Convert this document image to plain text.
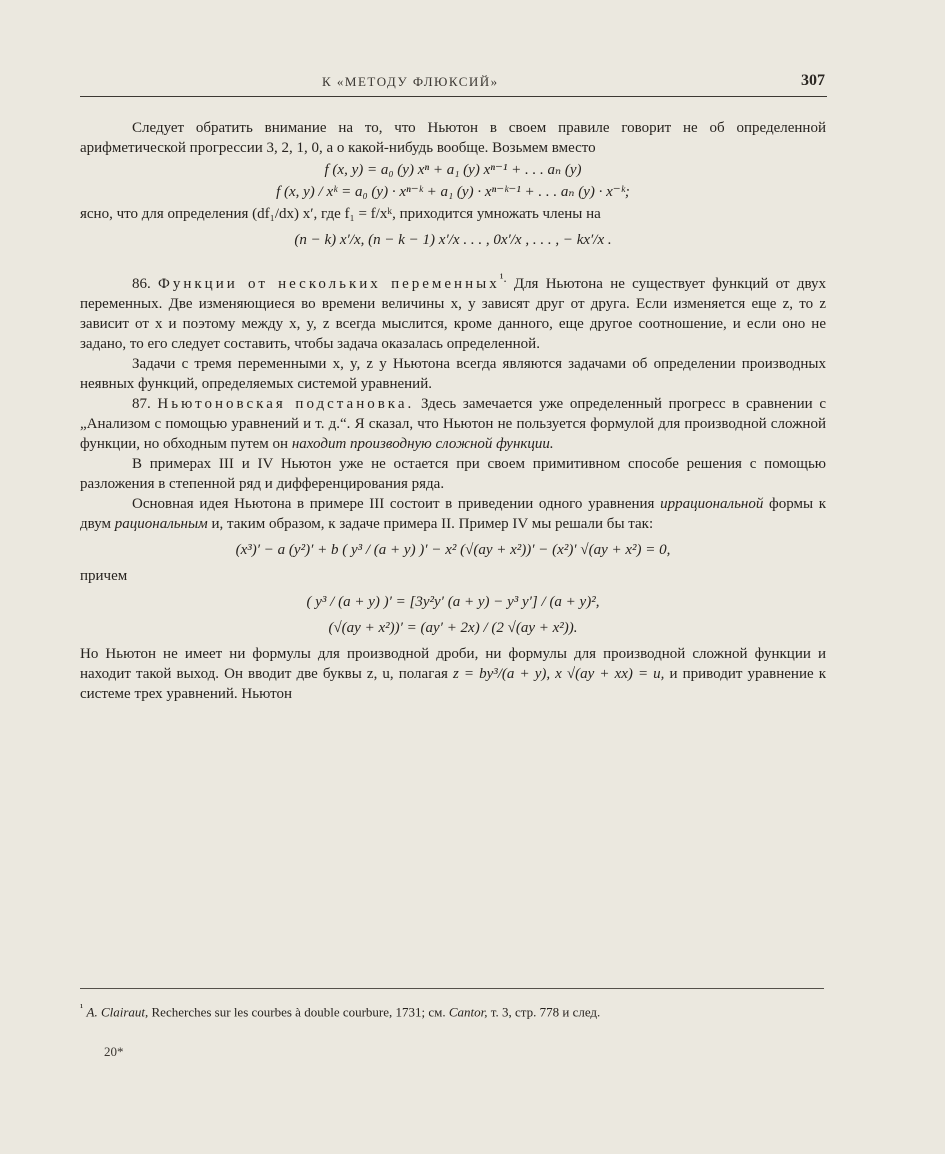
К «МЕТОДУ ФЛЮКСИЙ»	307

Следует обратить внимание на то, что Ньютон в своем правиле говорит не об определенной арифметической прогрессии 3, 2, 1, 0, а о какой-нибудь вообще. Возьмем вместо

f (x, y) = a₀ (y) xⁿ + a₁ (y) xⁿ⁻¹ + . . . aₙ (y)
f (x, y) / xᵏ = a₀ (y) · xⁿ⁻ᵏ + a₁ (y) · xⁿ⁻ᵏ⁻¹ + . . . aₙ (y) · x⁻ᵏ;

ясно, что для определения (df₁/dx) x′, где f₁ = f/xᵏ, приходится умножать члены на

(n − k) x′/x, (n − k − 1) x′/x . . . , 0x′/x , . . . , − kx′/x .

86. Функции от нескольких переменных$^{^1.}$ Для Ньютона не существует функций от двух переменных. Две изменяющиеся во времени величины x, y зависят друг от друга. Если изменяется еще z, то z зависит от x и поэтому между x, y, z всегда мыслится, кроме данного, еще другое соотношение, и если оно не задано, то его следует составить, чтобы задача оказалась определенной.

Задачи с тремя переменными x, y, z у Ньютона всегда являются задачами об определении производных неявных функций, определяемых системой уравнений.

87. Ньютоновская подстановка. Здесь замечается уже определенный прогресс в сравнении с „Анализом с помощью уравнений и т. д.“. Я сказал, что Ньютон не пользуется формулой для производной сложной функции, но обходным путем он находит производную сложной функции.

В примерах III и IV Ньютон уже не остается при своем примитивном способе решения с помощью разложения в степенной ряд и дифференцирования ряда.

Основная идея Ньютона в примере III состоит в приведении одного уравнения иррациональной формы к двум рациональным и, таким образом, к задаче примера II. Пример IV мы решали бы так:

(x³)′ − a (y²)′ + b ( y³ / (a + y) )′ − x² (√(ay + x²))′ − (x²)′ √(ay + x²) = 0,

причем

( y³ / (a + y) )′ = [3y²y′ (a + y) − y³ y′] / (a + y)²,
(√(ay + x²))′ = (ay′ + 2x) / (2 √(ay + x²)).

Но Ньютон не имеет ни формулы для производной дроби, ни формулы для производной сложной функции и находит такой выход. Он вводит две буквы z, u, полагая z = by³/(a + y), x √(ay + xx) = u, и приводит уравнение к системе трех уравнений. Ньютон

$^{^1}$ A. Clairaut, Recherches sur les courbes à double courbure, 1731; см. Cantor, т. 3, стр. 778 и след.
20*
